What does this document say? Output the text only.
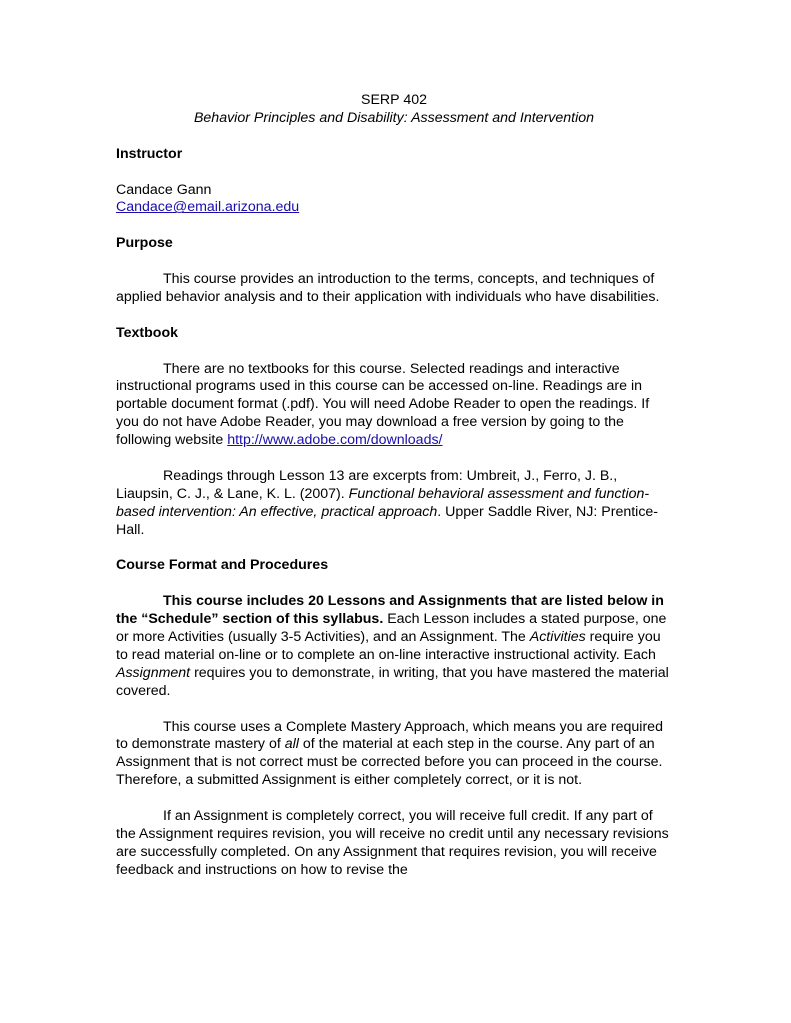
SERP 402

Behavior Principles and Disability: Assessment and Intervention

Instructor

Candace Gann

Candace@email.arizona.edu

Purpose

This course provides an introduction to the terms, concepts, and techniques of applied behavior analysis and to their application with individuals who have disabilities.

Textbook

There are no textbooks for this course. Selected readings and interactive instructional programs used in this course can be accessed on-line. Readings are in portable document format (.pdf). You will need Adobe Reader to open the readings. If you do not have Adobe Reader, you may download a free version by going to the following website http://www.adobe.com/downloads/

Readings through Lesson 13 are excerpts from: Umbreit, J., Ferro, J. B., Liaupsin, C. J., & Lane, K. L. (2007). Functional behavioral assessment and function-based intervention: An effective, practical approach. Upper Saddle River, NJ: Prentice-Hall.

Course Format and Procedures

This course includes 20 Lessons and Assignments that are listed below in the “Schedule” section of this syllabus. Each Lesson includes a stated purpose, one or more Activities (usually 3-5 Activities), and an Assignment. The Activities require you to read material on-line or to complete an on-line interactive instructional activity. Each Assignment requires you to demonstrate, in writing, that you have mastered the material covered.

This course uses a Complete Mastery Approach, which means you are required to demonstrate mastery of all of the material at each step in the course. Any part of an Assignment that is not correct must be corrected before you can proceed in the course. Therefore, a submitted Assignment is either completely correct, or it is not.

If an Assignment is completely correct, you will receive full credit. If any part of the Assignment requires revision, you will receive no credit until any necessary revisions are successfully completed. On any Assignment that requires revision, you will receive feedback and instructions on how to revise the
